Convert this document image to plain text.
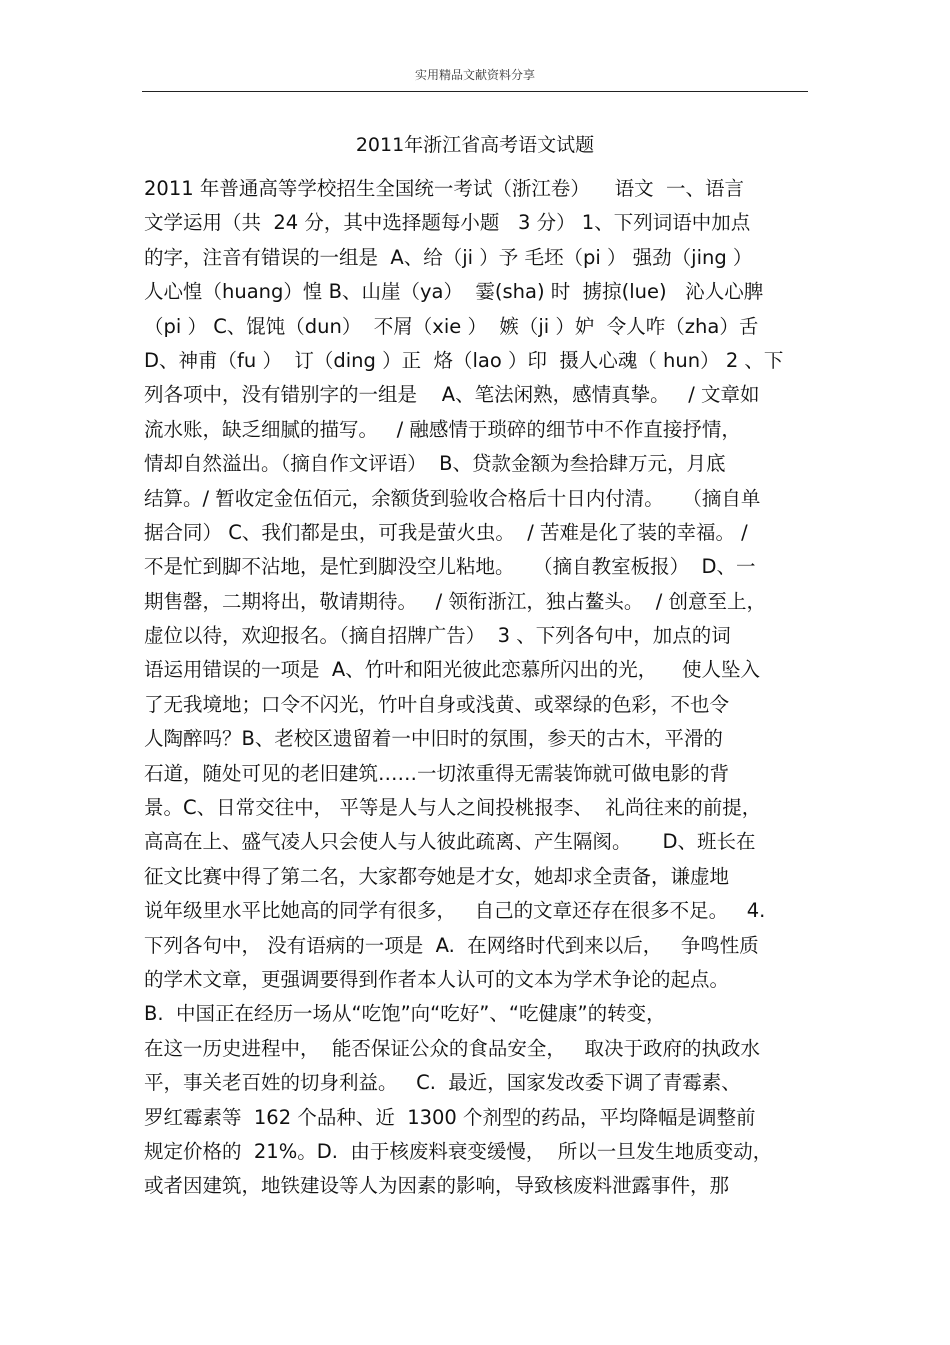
实用精品文献资料分享
2011年浙江省高考语文试题
2011 年普通高等学校招生全国统一考试（浙江卷）    语文  一、语言
文学运用（共  24 分，其中选择题每小题   3 分） 1、下列词语中加点
的字，注音有错误的一组是  A、给（ji ）予 毛坯（pi ） 强劲（jing ）
人心惶（huang）惶 B、山崖（ya）  霎(sha) 时  掳掠(lue)   沁人心脾
（pi ） C、馄饨（dun）  不屑（xie ）  嫉（ji ）妒  令人咋（zha）舌
D、神甫（fu ）  订（ding ）正  烙（lao ）印  摄人心魂（ hun） 2 、下
列各项中，没有错别字的一组是    A、笔法闲熟，感情真挚。   / 文章如
流水账，缺乏细腻的描写。   / 融感情于琐碎的细节中不作直接抒情，
情却自然溢出。（摘自作文评语）  B、贷款金额为叁拾肆万元，月底
结算。/ 暂收定金伍佰元，余额货到验收合格后十日内付清。   （摘自单
据合同） C、我们都是虫，可我是萤火虫。  / 苦难是化了装的幸福。 /
不是忙到脚不沾地，是忙到脚没空儿粘地。   （摘自教室板报）  D、一
期售罄，二期将出，敬请期待。   / 领衔浙江，独占鳌头。  / 创意至上，
虚位以待，欢迎报名。（摘自招牌广告）  3 、下列各句中，加点的词
语运用错误的一项是  A、竹叶和阳光彼此恋慕所闪出的光，    使人坠入
了无我境地；口令不闪光，竹叶自身或浅黄、或翠绿的色彩，不也令
人陶醉吗？B、老校区遗留着一中旧时的氛围，参天的古木，平滑的
石道，随处可见的老旧建筑……一切浓重得无需装饰就可做电影的背
景。C、日常交往中， 平等是人与人之间投桃报李、  礼尚往来的前提，
高高在上、盛气凌人只会使人与人彼此疏离、产生隔阂。     D、班长在
征文比赛中得了第二名，大家都夸她是才女，她却求全责备，谦虚地
说年级里水平比她高的同学有很多，   自己的文章还存在很多不足。   4.
下列各句中， 没有语病的一项是  A.  在网络时代到来以后，   争鸣性质
的学术文章，更强调要得到作者本人认可的文本为学术争论的起点。
B.  中国正在经历一场从“吃饱”向“吃好”、“吃健康”的转变，
在这一历史进程中，  能否保证公众的食品安全，   取决于政府的执政水
平，事关老百姓的切身利益。   C.  最近，国家发改委下调了青霉素、
罗红霉素等  162 个品种、近  1300 个剂型的药品，平均降幅是调整前
规定价格的  21%。D.  由于核废料衰变缓慢，  所以一旦发生地质变动，
或者因建筑，地铁建设等人为因素的影响，导致核废料泄露事件，那
